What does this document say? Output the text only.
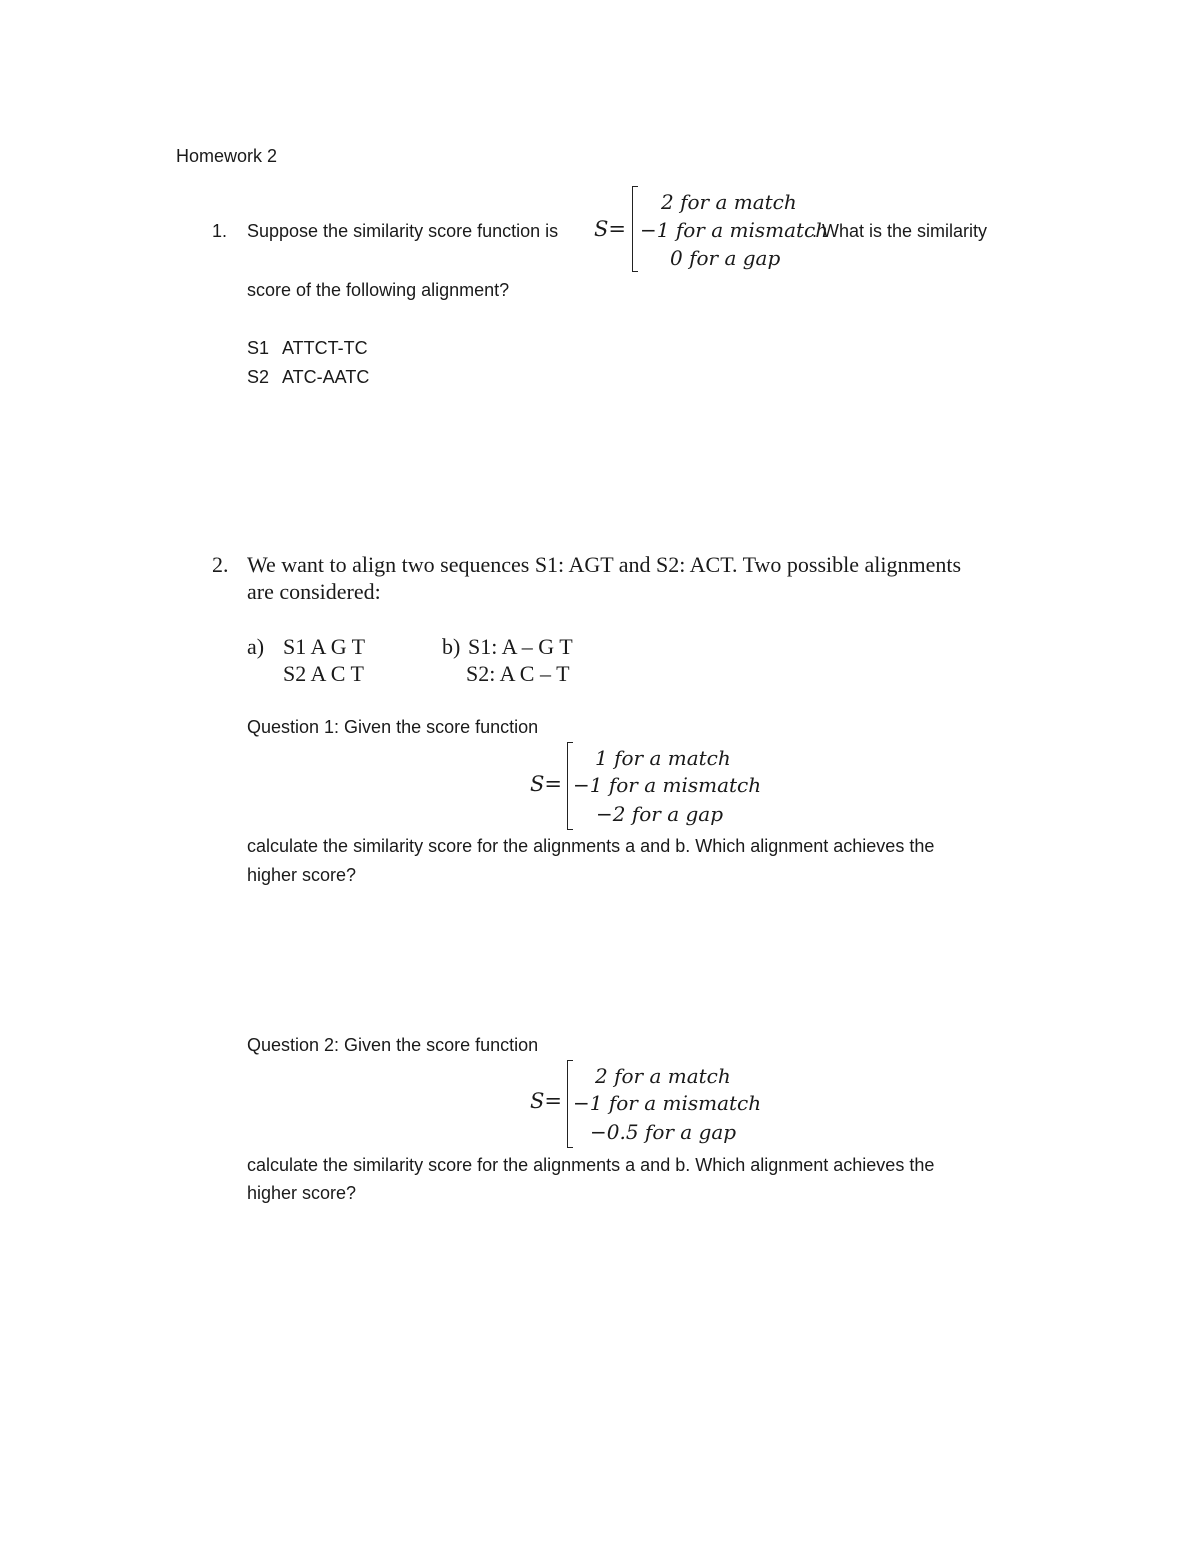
Homework 2
1. Suppose the similarity score function is S=
2 for a match
−1 for a mismatch
0 for a gap
. What is the similarity
score of the following alignment?
S1 ATTCT-TC
S2 ATC-AATC
2. We want to align two sequences S1: AGT and S2: ACT. Two possible alignments
are considered:
a) S1 A G T
S2 A C T
b) S1: A – G T
S2: A C – T
Question 1: Given the score function
S=
1 for a match
−1 for a mismatch
−2 for a gap
calculate the similarity score for the alignments a and b. Which alignment achieves the
higher score?
Question 2: Given the score function
S=
2 for a match
−1 for a mismatch
−0.5 for a gap
calculate the similarity score for the alignments a and b. Which alignment achieves the
higher score?
